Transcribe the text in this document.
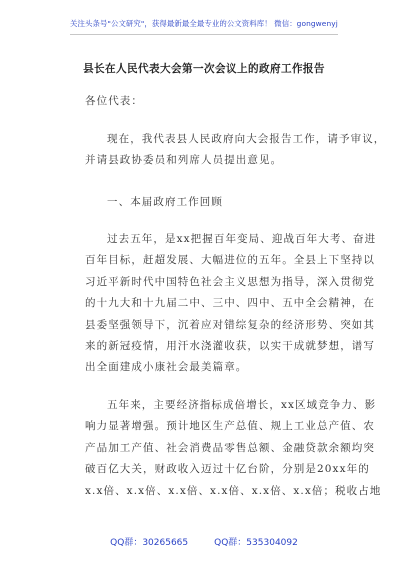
关注头条号"公文研究"，获得最新最全最专业的公文资料库！ 微信：gongwenyj
县长在人民代表大会第一次会议上的政府工作报告

各位代表：

现在，我代表县人民政府向大会报告工作，请予审议，
并请县政协委员和列席人员提出意见。

一、本届政府工作回顾

过去五年，是xx把握百年变局、迎战百年大考、奋进
百年目标，赶超发展、大幅进位的五年。全县上下坚持以
习近平新时代中国特色社会主义思想为指导，深入贯彻党
的十九大和十九届二中、三中、四中、五中全会精神，在
县委坚强领导下，沉着应对错综复杂的经济形势、突如其
来的新冠疫情，用汗水浇灌收获，以实干成就梦想，谱写
出全面建成小康社会最美篇章。

五年来，主要经济指标成倍增长，xx区域竞争力、影
响力显著增强。预计地区生产总值、规上工业总产值、农
产品加工产值、社会消费品零售总额、金融贷款余额均突
破百亿大关，财政收入迈过十亿台阶，分别是20xx年的
x.x倍、x.x倍、x.x倍、x.x倍、x.x倍、x.x倍；税收占地

QQ群：30265665	QQ群：535304092
